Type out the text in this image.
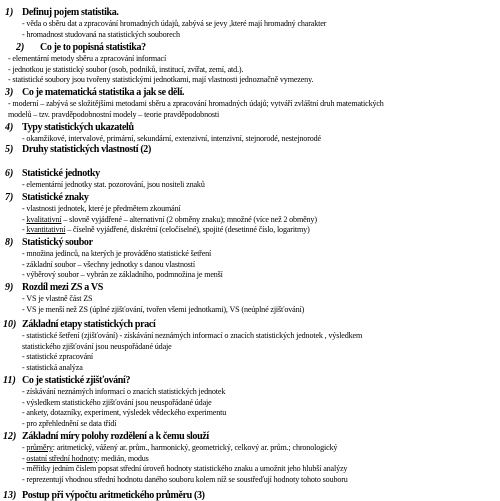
1) Definuj pojem statistika.
- věda o sběru dat a zpracování hromadných údajů, zabývá se jevy ,které mají hromadný charakter
- hromadnost studovaná na statistických souborech
2) Co je to popisná statistika?
- elementární metody sběru a zpracování informací
- jednotkou je statistický soubor (osob, podniků, institucí, zvířat, zemí, atd.).
- statistické soubory jsou tvořeny statistickými jednotkami, mají vlastnosti jednoznačně vymezeny.
3) Co je matematická statistika a jak se dělí.
- moderní – zabývá se složitějšími metodami sběru a zpracování hromadných údajů; vytváří zvláštní druh matematických
modelů – tzv. pravděpodobnostní modely – teorie pravděpodobnosti
4) Typy statistických ukazatelů
- okamžikové, intervalové, primární, sekundární, extenzivní, intenzivní, stejnorodé, nestejnorodé
5) Druhy statistických vlastností (2)
6) Statistické jednotky
- elementární jednotky stat. pozorování, jsou nositeli znaků
7) Statistické znaky
- vlastnosti jednotek, které je předmětem zkoumání
- kvalitativní – slovně vyjádřené – alternativní (2 obměny znaku); množné (více než 2 obměny)
- kvantitativní – číselně vyjádřené, diskrétní (celočíselné), spojité (desetinné číslo, logaritmy)
8) Statistický soubor
- množina jedinců, na kterých je prováděno statistické šetření
- základní soubor – všechny jednotky s danou vlastností
- výběrový soubor – vybrán ze základního, podmnožina je menší
9) Rozdíl mezi ZS a VS
- VS je vlastně část ZS
- VS je menší než ZS (úplné zjišťování, tvořen všemi jednotkami), VS (neúplné zjišťování)
10) Základní etapy statistických prací
- statistické šetření (zjišťování) - získávání neznámých informací o znacích statistických jednotek , výsledkem
statistického zjišťování jsou neuspořádané údaje
- statistické zpracování
- statistická analýza
11) Co je statistické zjišťování?
- získávání neznámých informací o znacích statistických jednotek
- výsledkem statistického zjišťování jsou neuspořádané údaje
- ankety, dotazníky, experiment, výsledek vědeckého experimentu
- pro zpřehlednění se data třídí
12) Základní míry polohy rozdělení a k čemu slouží
- průměry: aritmetický, vážený ar. prům., harmonický, geometrický, celkový ar. prům.; chronologický
- ostatní střední hodnoty: medián, modus
- měřítky jedním číslem popsat střední úroveň hodnoty statistického znaku a umožnit jeho hlubší analýzy
- reprezentují vhodnou střední hodnotu daného souboru kolem níž se soustřeďují hodnoty tohoto souboru
13) Postup při výpočtu aritmetického průměru (3)
